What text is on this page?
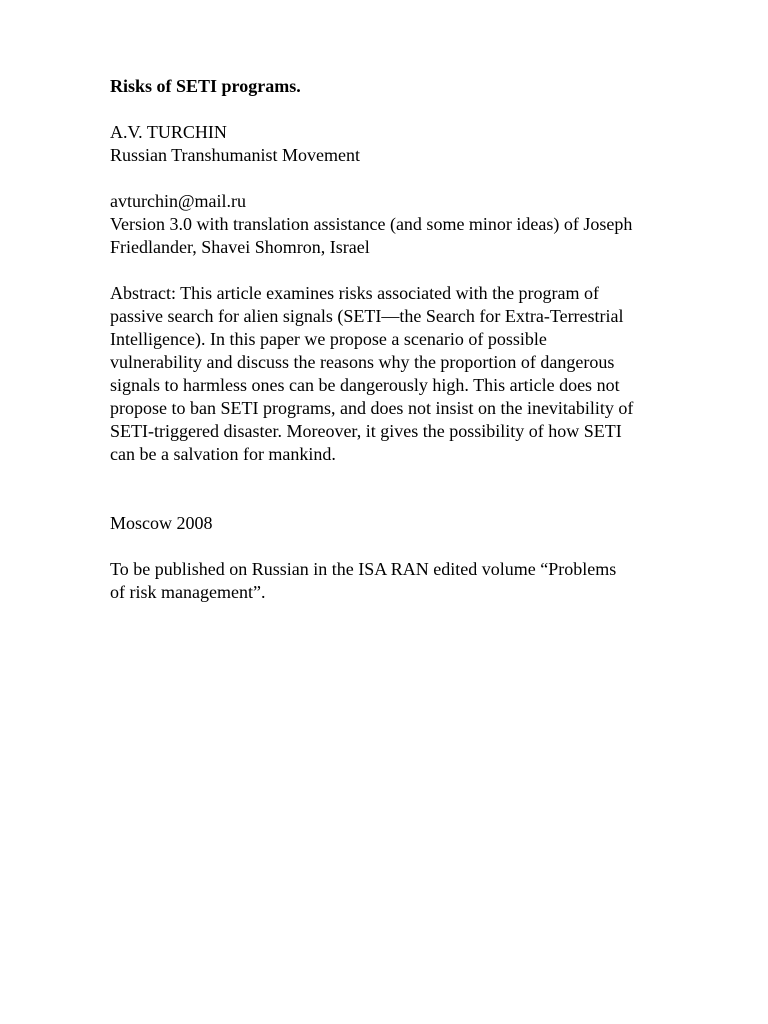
Risks of SETI programs.

A.V. TURCHIN
Russian Transhumanist Movement
avturchin@mail.ru
Version 3.0 with translation assistance (and some minor ideas) of Joseph
Friedlander, Shavei Shomron, Israel
Abstract: This article examines risks associated with the program of
passive search for alien signals (SETI—the Search for Extra-Terrestrial
Intelligence). In this paper we propose a scenario of possible
vulnerability and discuss the reasons why the proportion of dangerous
signals to harmless ones can be dangerously high. This article does not
propose to ban SETI programs, and does not insist on the inevitability of
SETI-triggered disaster. Moreover, it gives the possibility of how SETI
can be a salvation for mankind.

Moscow 2008

To be published on Russian in the ISA RAN edited volume “Problems
of risk management”.
